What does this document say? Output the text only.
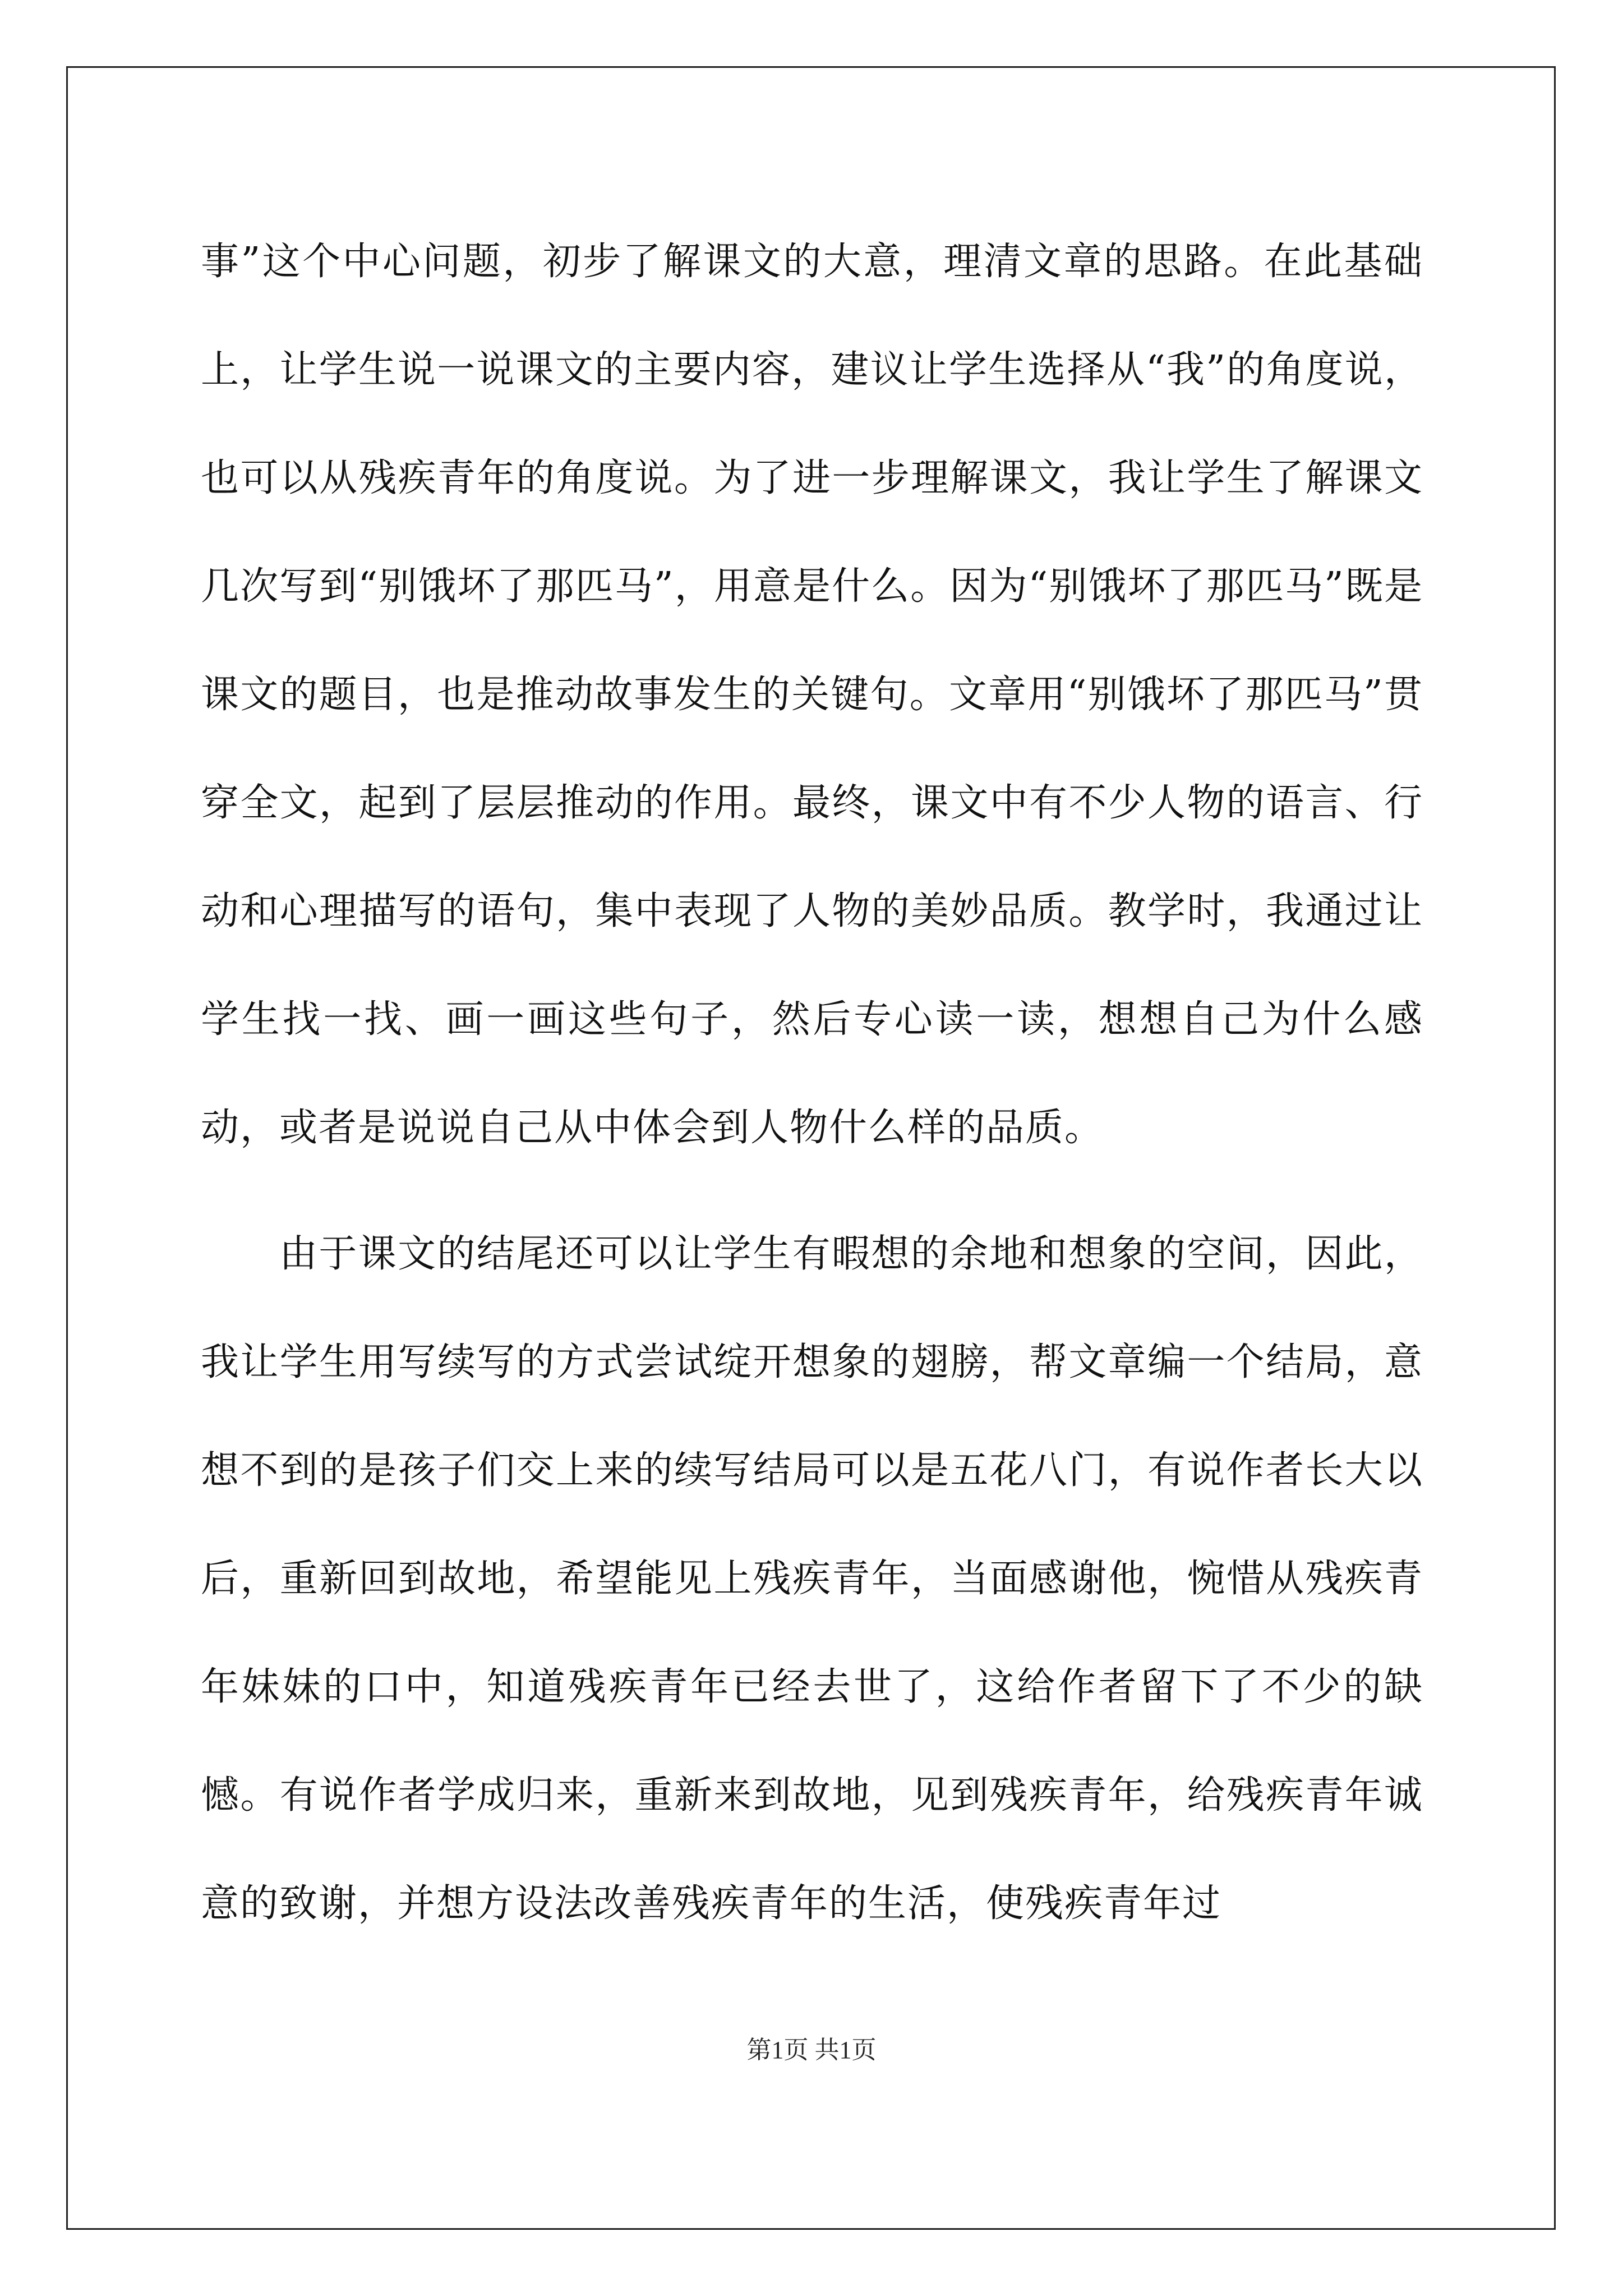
事”这个中心问题，初步了解课文的大意，理清文章的思路。在此基础上，让学生说一说课文的主要内容，建议让学生选择从“我”的角度说，也可以从残疾青年的角度说。为了进一步理解课文，我让学生了解课文几次写到“别饿坏了那匹马”，用意是什么。因为“别饿坏了那匹马”既是课文的题目，也是推动故事发生的关键句。文章用“别饿坏了那匹马”贯穿全文，起到了层层推动的作用。最终，课文中有不少人物的语言、行动和心理描写的语句，集中表现了人物的美妙品质。教学时，我通过让学生找一找、画一画这些句子，然后专心读一读，想想自己为什么感动，或者是说说自己从中体会到人物什么样的品质。

由于课文的结尾还可以让学生有暇想的余地和想象的空间，因此，我让学生用写续写的方式尝试绽开想象的翅膀，帮文章编一个结局，意想不到的是孩子们交上来的续写结局可以是五花八门，有说作者长大以后，重新回到故地，希望能见上残疾青年，当面感谢他，惋惜从残疾青年妹妹的口中，知道残疾青年已经去世了，这给作者留下了不少的缺憾。有说作者学成归来，重新来到故地，见到残疾青年，给残疾青年诚意的致谢，并想方设法改善残疾青年的生活，使残疾青年过

第1页 共1页
